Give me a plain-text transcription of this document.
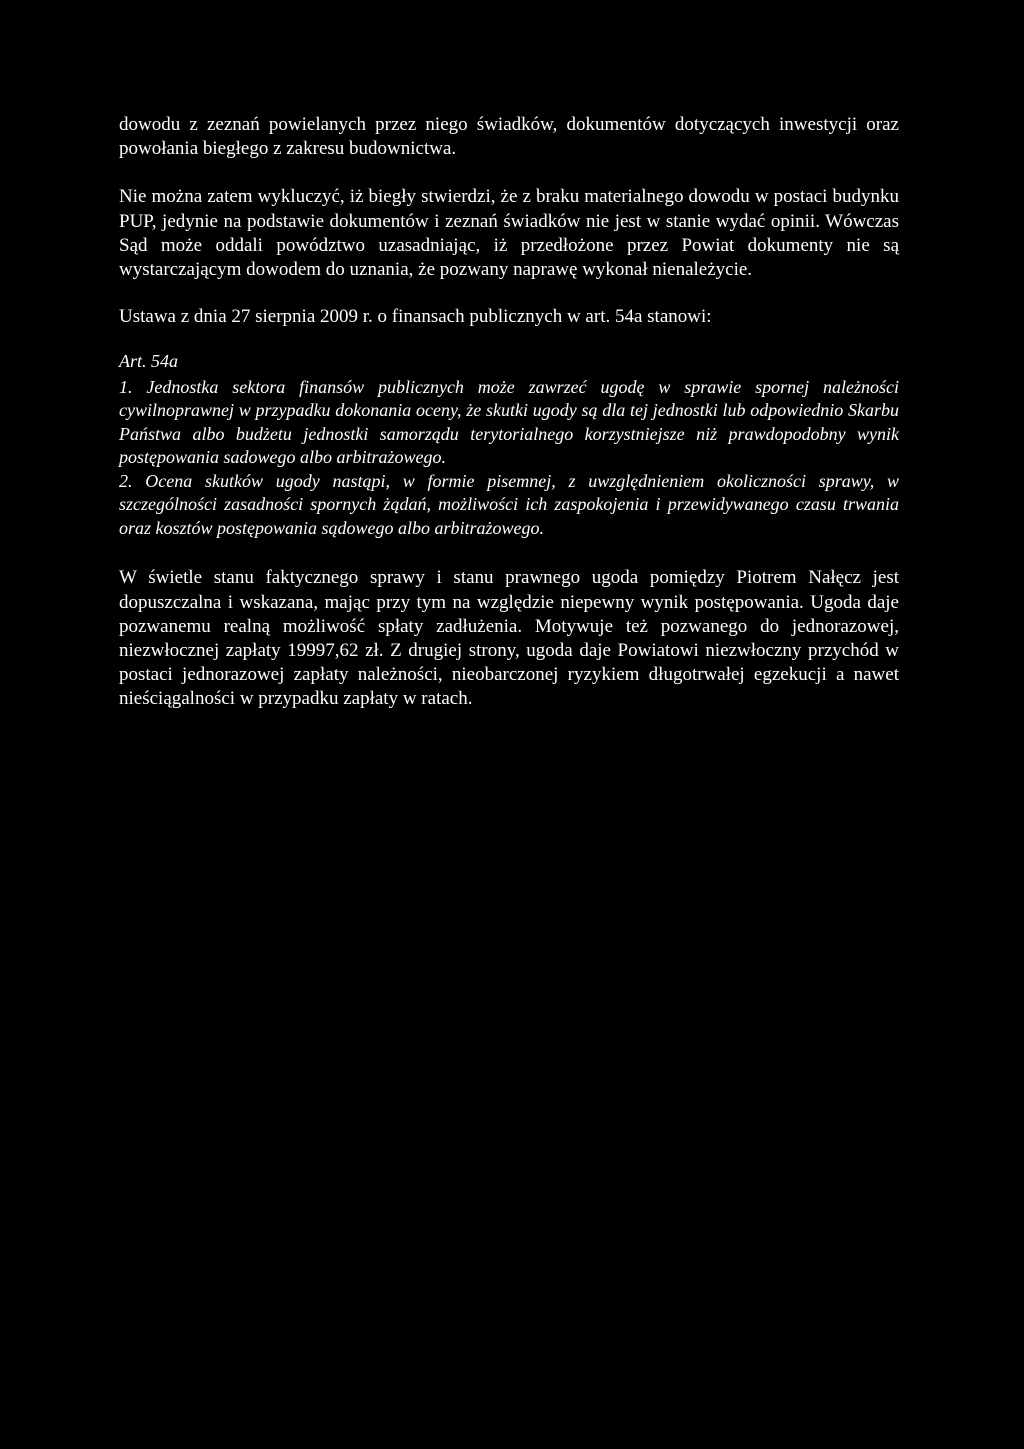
dowodu z zeznań powielanych przez niego świadków, dokumentów dotyczących inwestycji oraz powołania biegłego z zakresu budownictwa.

Nie można zatem wykluczyć, iż biegły stwierdzi, że z braku materialnego dowodu w postaci budynku PUP, jedynie na podstawie dokumentów i zeznań świadków nie jest w stanie wydać opinii. Wówczas Sąd może oddali powództwo uzasadniając, iż przedłożone przez Powiat dokumenty nie są wystarczającym dowodem do uznania, że pozwany naprawę wykonał nienależycie.

Ustawa z dnia 27 sierpnia 2009 r. o finansach publicznych w art. 54a stanowi:

Art. 54a

1. Jednostka sektora finansów publicznych może zawrzeć ugodę w sprawie spornej należności cywilnoprawnej w przypadku dokonania oceny, że skutki ugody są dla tej jednostki lub odpowiednio Skarbu Państwa albo budżetu jednostki samorządu terytorialnego korzystniejsze niż prawdopodobny wynik postępowania sadowego albo arbitrażowego.

2. Ocena skutków ugody nastąpi, w formie pisemnej, z uwzględnieniem okoliczności sprawy, w szczególności zasadności spornych żądań, możliwości ich zaspokojenia i przewidywanego czasu trwania oraz kosztów postępowania sądowego albo arbitrażowego.

W świetle stanu faktycznego sprawy i stanu prawnego ugoda pomiędzy Piotrem Nałęcz jest dopuszczalna i wskazana, mając przy tym na względzie niepewny wynik postępowania. Ugoda daje pozwanemu realną możliwość spłaty zadłużenia. Motywuje też pozwanego do jednorazowej, niezwłocznej zapłaty 19997,62 zł. Z drugiej strony, ugoda daje Powiatowi niezwłoczny przychód w postaci jednorazowej zapłaty należności, nieobarczonej ryzykiem długotrwałej egzekucji a nawet nieściągalności w przypadku zapłaty w ratach.
